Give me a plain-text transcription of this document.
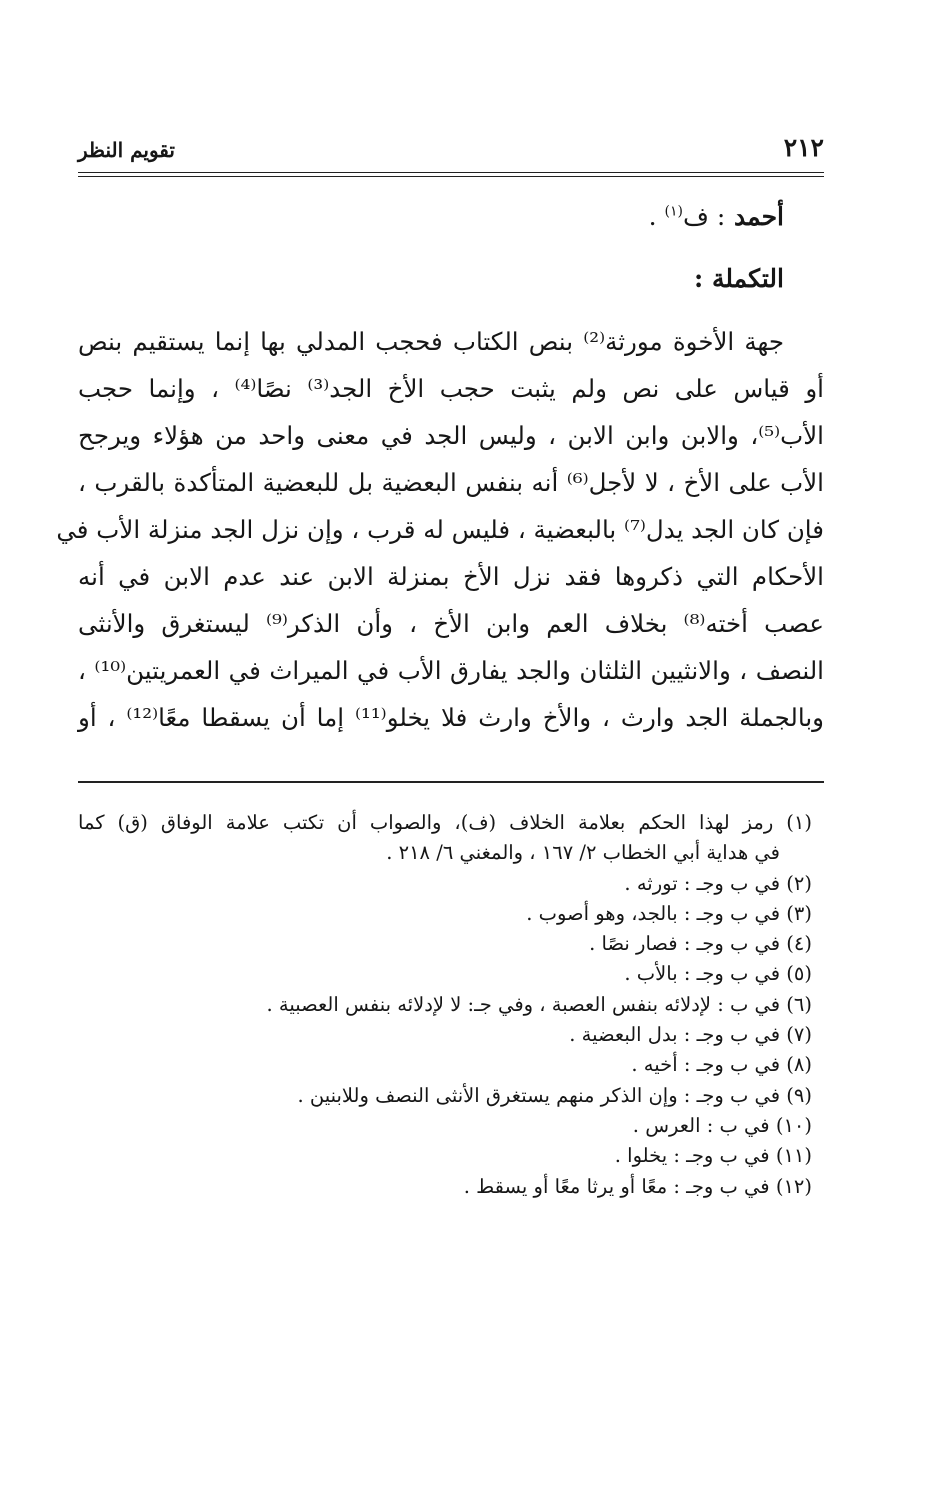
٢١٢
تقويم النظر
أحمد : ف$^{(١)}$ .
التكملة :
جهة الأخوة مورثة⁽²⁾ بنص الكتاب فحجب المدلي بها إنما يستقيم بنص
أو قياس على نص ولم يثبت حجب الأخ الجد⁽³⁾ نصًا⁽⁴⁾ ، وإنما حجب
الأب⁽⁵⁾، والابن وابن الابن ، وليس الجد في معنى واحد من هؤلاء ويرجح
الأب على الأخ ، لا لأجل⁽⁶⁾ أنه بنفس البعضية بل للبعضية المتأكدة بالقرب ،
فإن كان الجد يدل⁽⁷⁾ بالبعضية ، فليس له قرب ، وإن نزل الجد منزلة الأب في
الأحكام التي ذكروها فقد نزل الأخ بمنزلة الابن عند عدم الابن في أنه
عصب أخته⁽⁸⁾ بخلاف العم وابن الأخ ، وأن الذكر⁽⁹⁾ ليستغرق والأنثى
النصف ، والانثيين الثلثان والجد يفارق الأب في الميراث في العمريتين⁽¹⁰⁾ ،
وبالجملة الجد وارث ، والأخ وارث فلا يخلو⁽¹¹⁾ إما أن يسقطا معًا⁽¹²⁾ ، أو
(١) رمز لهذا الحكم بعلامة الخلاف (ف)، والصواب أن تكتب علامة الوفاق (ق) كما
في هداية أبي الخطاب ٢/ ١٦٧ ، والمغني ٦/ ٢١٨ .
(٢) في ب وجـ : تورثه .
(٣) في ب وجـ : بالجد، وهو أصوب .
(٤) في ب وجـ : فصار نصًا .
(٥) في ب وجـ : بالأب .
(٦) في ب : لإدلائه بنفس العصبة ، وفي جـ: لا لإدلائه بنفس العصبية .
(٧) في ب وجـ : بدل البعضية .
(٨) في ب وجـ : أخيه .
(٩) في ب وجـ : وإن الذكر منهم يستغرق الأنثى النصف وللابنين .
(١٠) في ب : العرس .
(١١) في ب وجـ : يخلوا .
(١٢) في ب وجـ : معًا أو يرثا معًا أو يسقط .
